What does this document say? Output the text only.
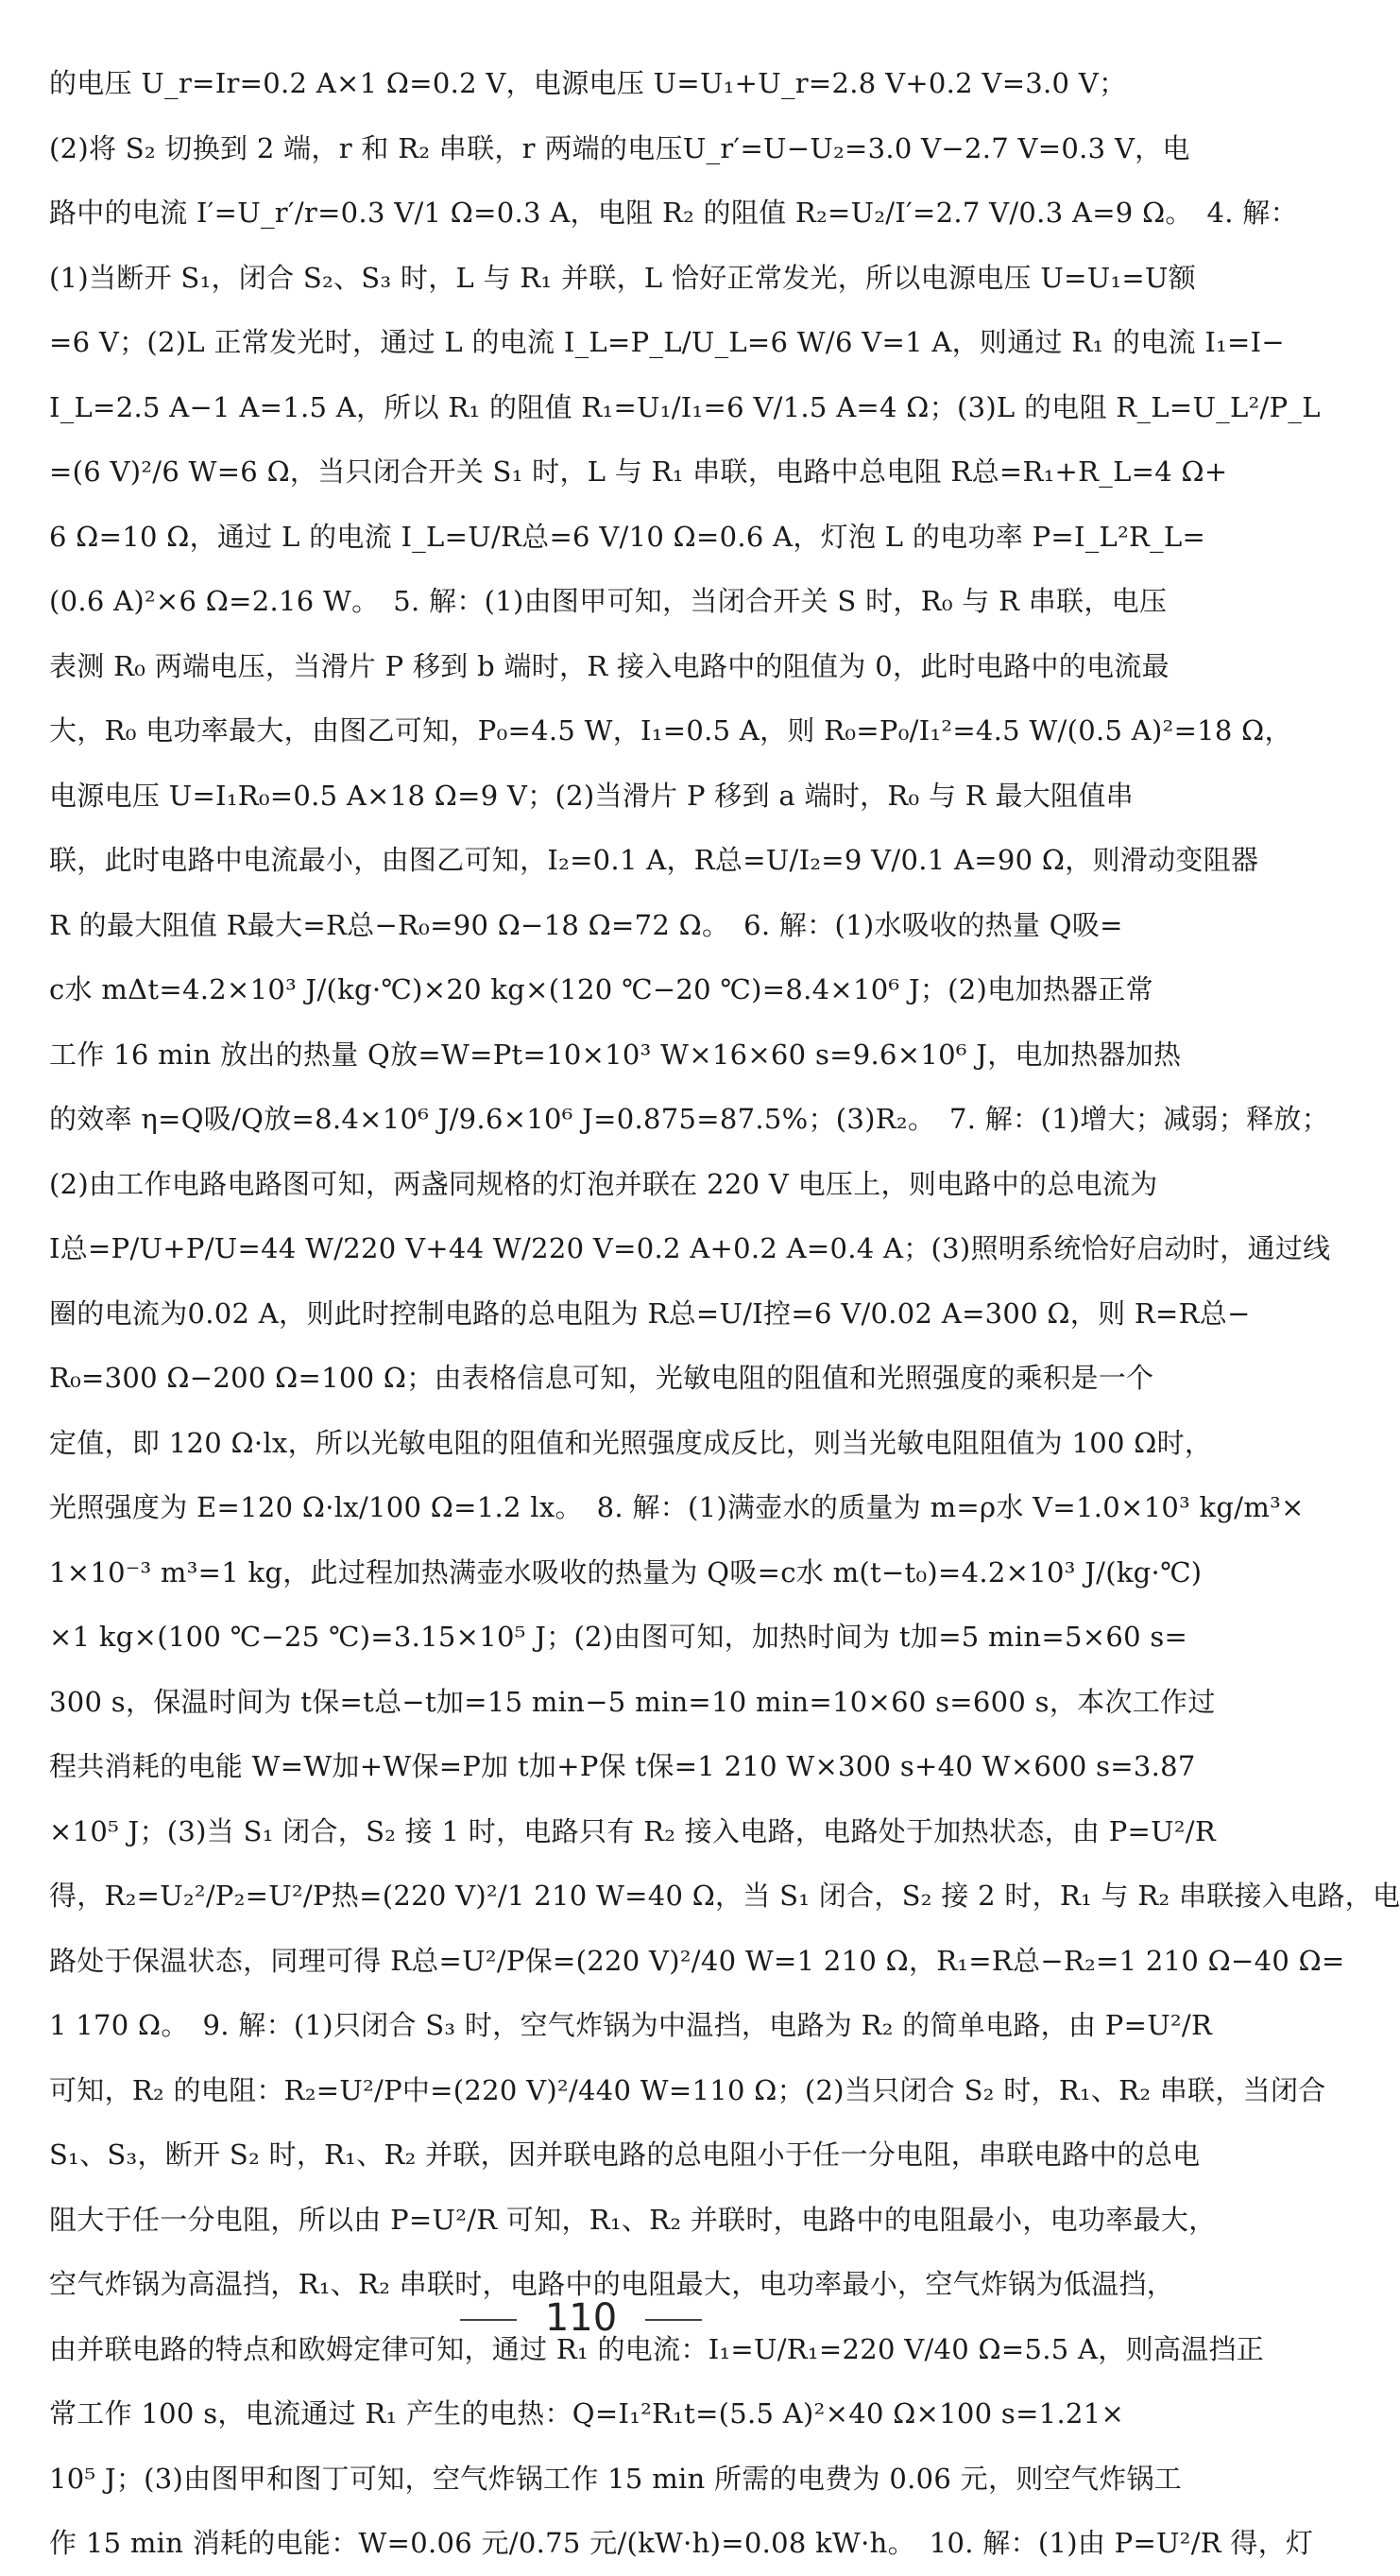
的电压 U_r=Ir=0.2 A×1 Ω=0.2 V，电源电压 U=U₁+U_r=2.8 V+0.2 V=3.0 V；
(2)将 S₂ 切换到 2 端，r 和 R₂ 串联，r 两端的电压U_r′=U−U₂=3.0 V−2.7 V=0.3 V，电
路中的电流 I′=U_r′/r=0.3 V/1 Ω=0.3 A，电阻 R₂ 的阻值 R₂=U₂/I′=2.7 V/0.3 A=9 Ω。　4. 解：
(1)当断开 S₁，闭合 S₂、S₃ 时，L 与 R₁ 并联，L 恰好正常发光，所以电源电压 U=U₁=U额
=6 V；(2)L 正常发光时，通过 L 的电流 I_L=P_L/U_L=6 W/6 V=1 A，则通过 R₁ 的电流 I₁=I−
I_L=2.5 A−1 A=1.5 A，所以 R₁ 的阻值 R₁=U₁/I₁=6 V/1.5 A=4 Ω；(3)L 的电阻 R_L=U_L²/P_L
=(6 V)²/6 W=6 Ω，当只闭合开关 S₁ 时，L 与 R₁ 串联，电路中总电阻 R总=R₁+R_L=4 Ω+
6 Ω=10 Ω，通过 L 的电流 I_L=U/R总=6 V/10 Ω=0.6 A，灯泡 L 的电功率 P=I_L²R_L=
(0.6 A)²×6 Ω=2.16 W。　5. 解：(1)由图甲可知，当闭合开关 S 时，R₀ 与 R 串联，电压
表测 R₀ 两端电压，当滑片 P 移到 b 端时，R 接入电路中的阻值为 0，此时电路中的电流最
大，R₀ 电功率最大，由图乙可知，P₀=4.5 W，I₁=0.5 A，则 R₀=P₀/I₁²=4.5 W/(0.5 A)²=18 Ω，
电源电压 U=I₁R₀=0.5 A×18 Ω=9 V；(2)当滑片 P 移到 a 端时，R₀ 与 R 最大阻值串
联，此时电路中电流最小，由图乙可知，I₂=0.1 A，R总=U/I₂=9 V/0.1 A=90 Ω，则滑动变阻器
R 的最大阻值 R最大=R总−R₀=90 Ω−18 Ω=72 Ω。　6. 解：(1)水吸收的热量 Q吸=
c水 mΔt=4.2×10³ J/(kg·℃)×20 kg×(120 ℃−20 ℃)=8.4×10⁶ J；(2)电加热器正常
工作 16 min 放出的热量 Q放=W=Pt=10×10³ W×16×60 s=9.6×10⁶ J，电加热器加热
的效率 η=Q吸/Q放=8.4×10⁶ J/9.6×10⁶ J=0.875=87.5%；(3)R₂。　7. 解：(1)增大；减弱；释放；
(2)由工作电路电路图可知，两盏同规格的灯泡并联在 220 V 电压上，则电路中的总电流为
I总=P/U+P/U=44 W/220 V+44 W/220 V=0.2 A+0.2 A=0.4 A；(3)照明系统恰好启动时，通过线
圈的电流为0.02 A，则此时控制电路的总电阻为 R总=U/I控=6 V/0.02 A=300 Ω，则 R=R总−
R₀=300 Ω−200 Ω=100 Ω；由表格信息可知，光敏电阻的阻值和光照强度的乘积是一个
定值，即 120 Ω·lx，所以光敏电阻的阻值和光照强度成反比，则当光敏电阻阻值为 100 Ω时，
光照强度为 E=120 Ω·lx/100 Ω=1.2 lx。　8. 解：(1)满壶水的质量为 m=ρ水 V=1.0×10³ kg/m³×
1×10⁻³ m³=1 kg，此过程加热满壶水吸收的热量为 Q吸=c水 m(t−t₀)=4.2×10³ J/(kg·℃)
×1 kg×(100 ℃−25 ℃)=3.15×10⁵ J；(2)由图可知，加热时间为 t加=5 min=5×60 s=
300 s，保温时间为 t保=t总−t加=15 min−5 min=10 min=10×60 s=600 s，本次工作过
程共消耗的电能 W=W加+W保=P加 t加+P保 t保=1 210 W×300 s+40 W×600 s=3.87
×10⁵ J；(3)当 S₁ 闭合，S₂ 接 1 时，电路只有 R₂ 接入电路，电路处于加热状态，由 P=U²/R
得，R₂=U₂²/P₂=U²/P热=(220 V)²/1 210 W=40 Ω，当 S₁ 闭合，S₂ 接 2 时，R₁ 与 R₂ 串联接入电路，电
路处于保温状态，同理可得 R总=U²/P保=(220 V)²/40 W=1 210 Ω，R₁=R总−R₂=1 210 Ω−40 Ω=
1 170 Ω。　9. 解：(1)只闭合 S₃ 时，空气炸锅为中温挡，电路为 R₂ 的简单电路，由 P=U²/R
可知，R₂ 的电阻：R₂=U²/P中=(220 V)²/440 W=110 Ω；(2)当只闭合 S₂ 时，R₁、R₂ 串联，当闭合
S₁、S₃，断开 S₂ 时，R₁、R₂ 并联，因并联电路的总电阻小于任一分电阻，串联电路中的总电
阻大于任一分电阻，所以由 P=U²/R 可知，R₁、R₂ 并联时，电路中的电阻最小，电功率最大，
空气炸锅为高温挡，R₁、R₂ 串联时，电路中的电阻最大，电功率最小，空气炸锅为低温挡，
由并联电路的特点和欧姆定律可知，通过 R₁ 的电流：I₁=U/R₁=220 V/40 Ω=5.5 A，则高温挡正
常工作 100 s，电流通过 R₁ 产生的电热：Q=I₁²R₁t=(5.5 A)²×40 Ω×100 s=1.21×
10⁵ J；(3)由图甲和图丁可知，空气炸锅工作 15 min 所需的电费为 0.06 元，则空气炸锅工
作 15 min 消耗的电能：W=0.06 元/0.75 元/(kW·h)=0.08 kW·h。　10. 解：(1)由 P=U²/R 得，灯
110
